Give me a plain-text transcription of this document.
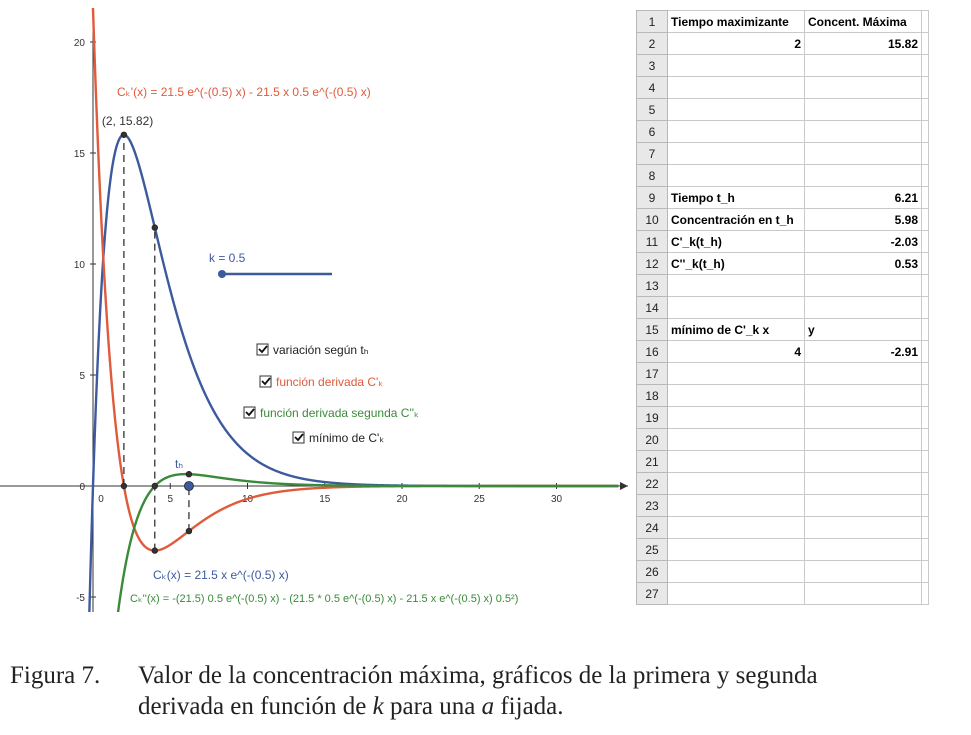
0	5	10	15	20	25	30
-5
0
5
10
15
20
(2, 15.82)
tₕ
Cₖ'(x) = 21.5 e^(-(0.5) x) - 21.5 x 0.5 e^(-(0.5) x)
Cₖ(x) = 21.5 x e^(-(0.5) x)
Cₖ''(x) = -(21.5) 0.5 e^(-(0.5) x) - (21.5 * 0.5 e^(-(0.5) x) - 21.5 x e^(-(0.5) x) 0.5²)
k = 0.5
variación según tₕ
función derivada C'ₖ
función derivada segunda C''ₖ
mínimo de C'ₖ
1	Tiempo maximizante	Concent. Máxima	
2	2	15.82	
3			
4			
5			
6			
7			
8			
9	Tiempo t_h	6.21	
10	Concentración en t_h	5.98	
11	C'_k(t_h)	-2.03	
12	C''_k(t_h)	0.53	
13			
14			
15	mínimo de C'_k x	y	
16	4	-2.91	
17			
18			
19			
20			
21			
22			
23			
24			
25			
26			
27			
Figura 7. Valor de la concentración máxima, gráficos de la primera y segunda
derivada en función de k para una a fijada.
